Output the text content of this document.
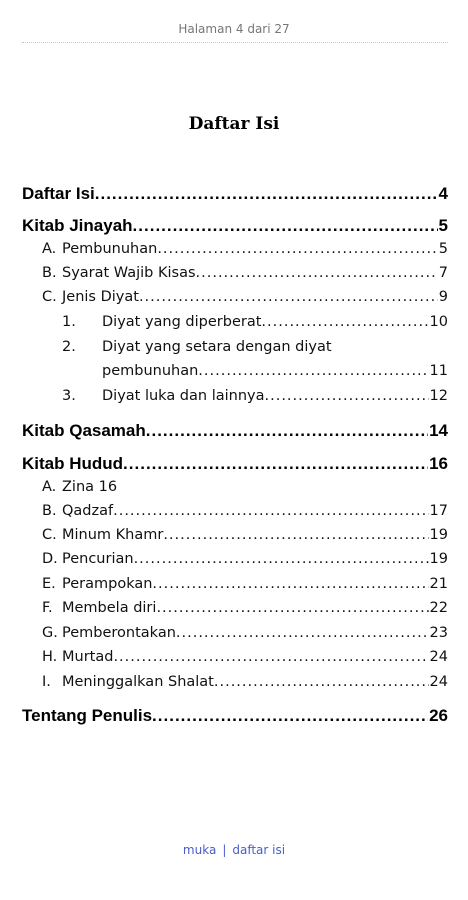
Halaman 4 dari 27
Daftar Isi
Daftar Isi .....	4
Kitab Jinayah .....	5
A. Pembunuhan .....	5
B. Syarat Wajib Kisas .....	7
C. Jenis Diyat .....	9
1. Diyat yang diperberat .....	10
2. Diyat yang setara dengan diyat
pembunuhan .....	11
3. Diyat luka dan lainnya .....	12
Kitab Qasamah .....	14
Kitab Hudud .....	16
A. Zina 16
B. Qadzaf .....	17
C. Minum Khamr .....	19
D. Pencurian .....	19
E. Perampokan .....	21
F. Membela diri .....	22
G. Pemberontakan .....	23
H. Murtad .....	24
I. Meninggalkan Shalat .....	24
Tentang Penulis .....	26
muka | daftar isi
